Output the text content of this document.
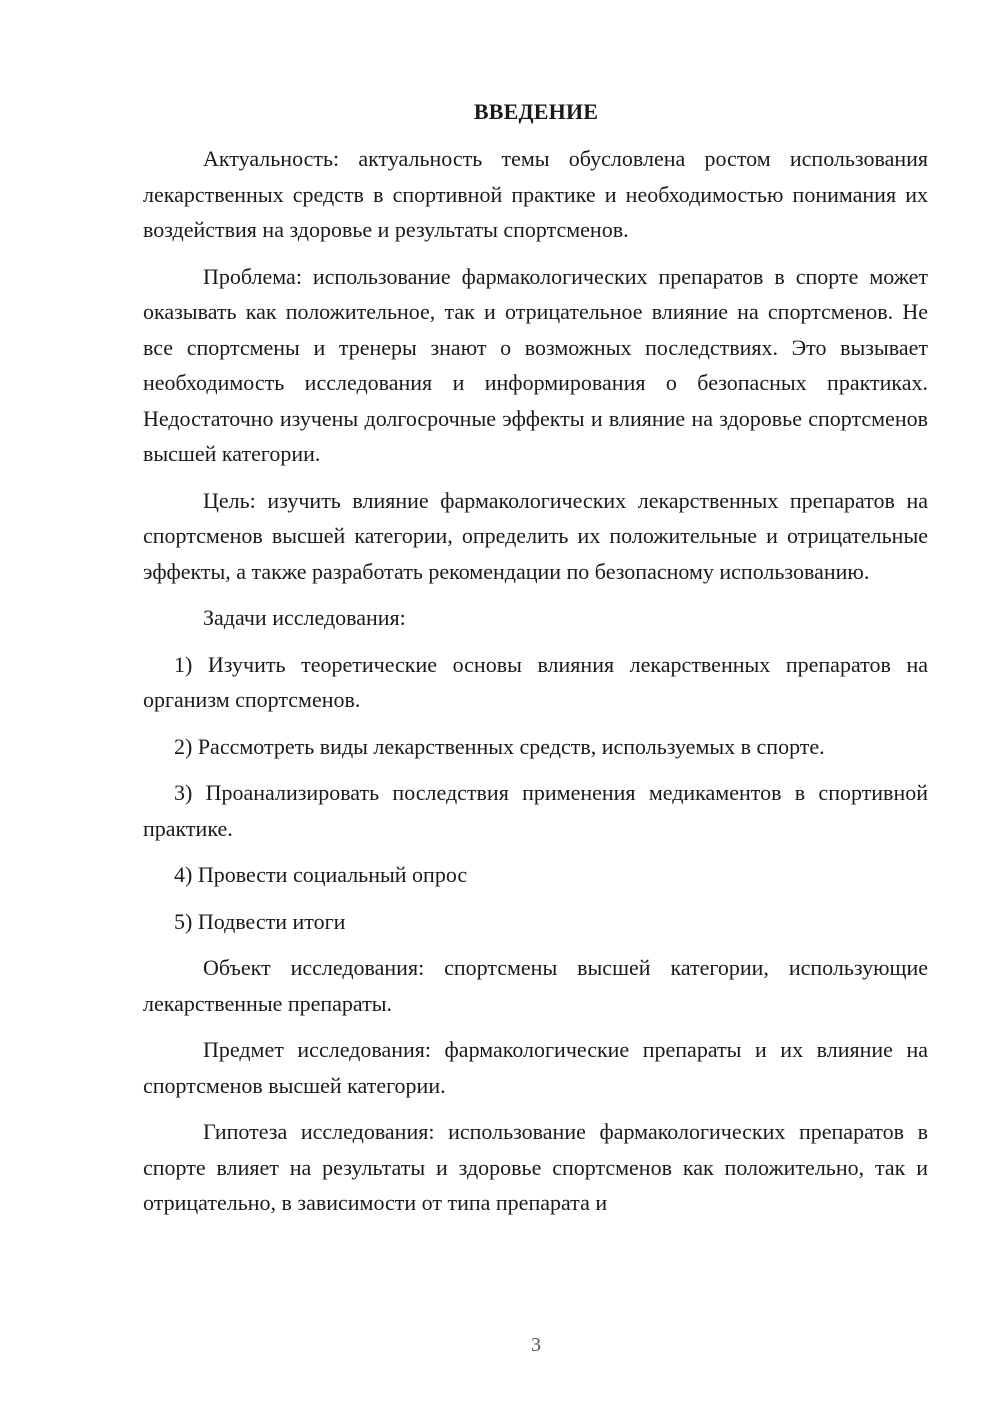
ВВЕДЕНИЕ

Актуальность: актуальность темы обусловлена ростом использования лекарственных средств в спортивной практике и необходимостью понимания их воздействия на здоровье и результаты спортсменов.

Проблема: использование фармакологических препаратов в спорте может оказывать как положительное, так и отрицательное влияние на спортсменов. Не все спортсмены и тренеры знают о возможных последствиях. Это вызывает необходимость исследования и информирования о безопасных практиках. Недостаточно изучены долгосрочные эффекты и влияние на здоровье спортсменов высшей категории.

Цель: изучить влияние фармакологических лекарственных препаратов на спортсменов высшей категории, определить их положительные и отрицательные эффекты, а также разработать рекомендации по безопасному использованию.

Задачи исследования:

1) Изучить теоретические основы влияния лекарственных препаратов на организм спортсменов.

2) Рассмотреть виды лекарственных средств, используемых в спорте.

3) Проанализировать последствия применения медикаментов в спортивной практике.

4) Провести социальный опрос

5) Подвести итоги

Объект исследования: спортсмены высшей категории, использующие лекарственные препараты.

Предмет исследования: фармакологические препараты и их влияние на спортсменов высшей категории.

Гипотеза исследования: использование фармакологических препаратов в спорте влияет на результаты и здоровье спортсменов как положительно, так и отрицательно, в зависимости от типа препарата и

3
